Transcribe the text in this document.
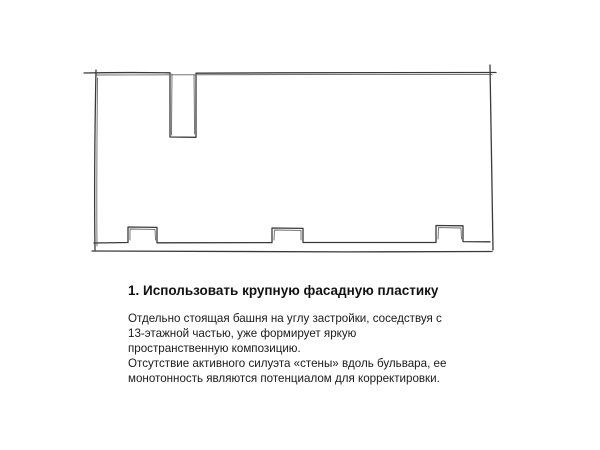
1. Использовать крупную фасадную пластику

Отдельно стоящая башня на углу застройки, соседствуя с
13-этажной частью, уже формирует яркую
пространственную композицию.
Отсутствие активного силуэта «стены» вдоль бульвара, ее
монотонность являются потенциалом для корректировки.
